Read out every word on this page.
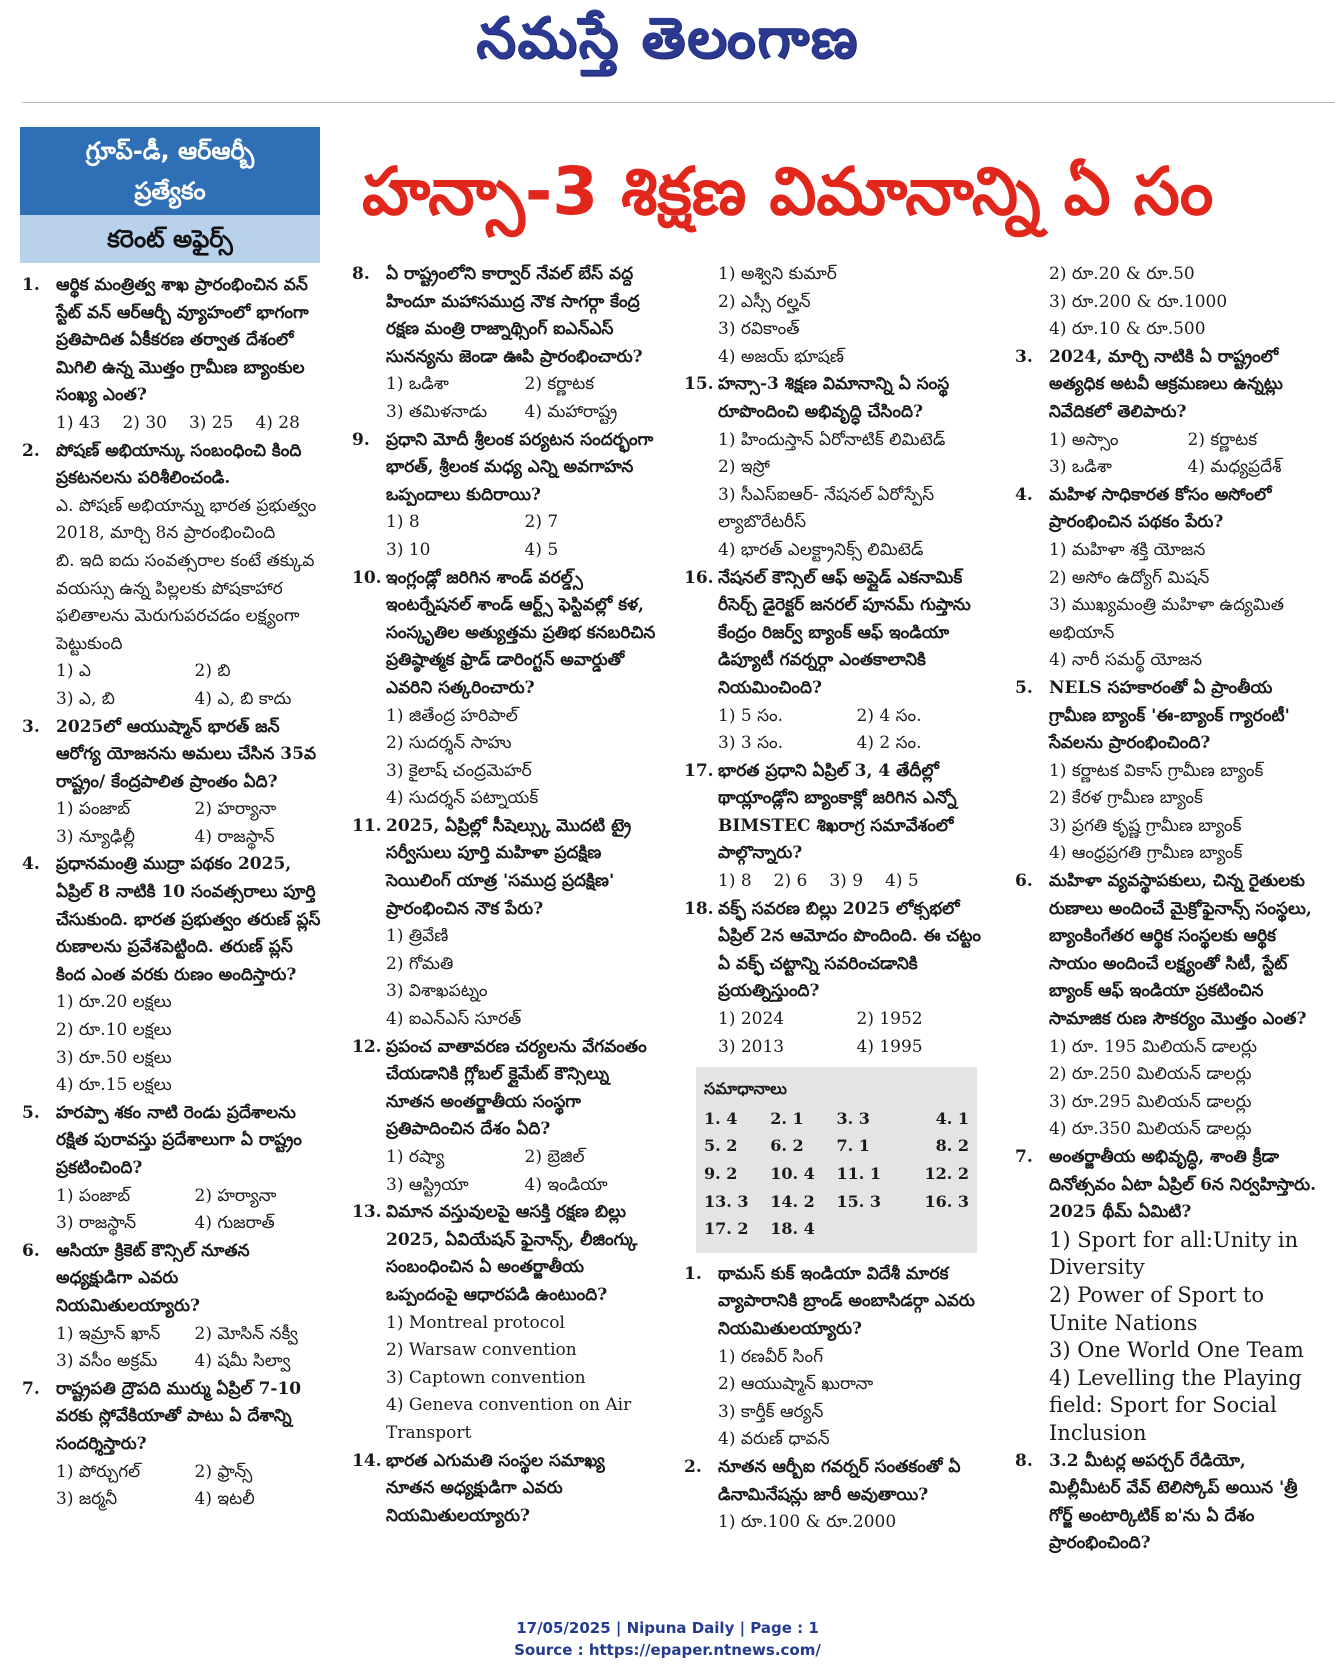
నమస్తే తెలంగాణ
గ్రూప్-డీ, ఆర్ఆర్బీ
ప్రత్యేకం
కరెంట్ అఫైర్స్
హన్సా-3 శిక్షణ విమానాన్ని ఏ సం
1. ఆర్థిక మంత్రిత్వ శాఖ ప్రారంభించిన వన్ స్టేట్ వన్ ఆర్ఆర్బీ వ్యూహంలో భాగంగా ప్రతిపాదిత ఏకీకరణ తర్వాత దేశంలో మిగిలి ఉన్న మొత్తం గ్రామీణ బ్యాంకుల సంఖ్య ఎంత?
1) 43 2) 30 3) 25 4) 28
2. పోషణ్ అభియాన్కు సంబంధించి కింది ప్రకటనలను పరిశీలించండి.
ఎ. పోషణ్ అభియాన్ను భారత ప్రభుత్వం 2018, మార్చి 8న ప్రారంభించింది
బి. ఇది ఐదు సంవత్సరాల కంటే తక్కువ వయస్సు ఉన్న పిల్లలకు పోషకాహార ఫలితాలను మెరుగుపరచడం లక్ష్యంగా పెట్టుకుంది
1) ఎ	2) బి
3) ఎ, బి	4) ఎ, బి కాదు
3. 2025లో ఆయుష్మాన్ భారత్ జన్ ఆరోగ్య యోజనను అమలు చేసిన 35వ రాష్ట్రం/ కేంద్రపాలిత ప్రాంతం ఏది?
1) పంజాబ్	2) హర్యానా
3) న్యూఢిల్లీ	4) రాజస్థాన్
4. ప్రధానమంత్రి ముద్రా పథకం 2025, ఏప్రిల్ 8 నాటికి 10 సంవత్సరాలు పూర్తి చేసుకుంది. భారత ప్రభుత్వం తరుణ్ ప్లస్ రుణాలను ప్రవేశపెట్టింది. తరుణ్ ప్లస్ కింద ఎంత వరకు రుణం అందిస్తారు?
1) రూ.20 లక్షలు
2) రూ.10 లక్షలు
3) రూ.50 లక్షలు
4) రూ.15 లక్షలు
5. హరప్పా శకం నాటి రెండు ప్రదేశాలను రక్షిత పురావస్తు ప్రదేశాలుగా ఏ రాష్ట్రం ప్రకటించింది?
1) పంజాబ్	2) హర్యానా
3) రాజస్థాన్	4) గుజరాత్
6. ఆసియా క్రికెట్ కౌన్సిల్ నూతన అధ్యక్షుడిగా ఎవరు నియమితులయ్యారు?
1) ఇమ్రాన్ ఖాన్	2) మోసిన్ నక్వీ
3) వసీం అక్రమ్	4) షమీ సిల్వా
7. రాష్ట్రపతి ద్రౌపది ముర్ము ఏప్రిల్ 7-10 వరకు స్లోవేకియాతో పాటు ఏ దేశాన్ని సందర్శిస్తారు?
1) పోర్చుగల్	2) ఫ్రాన్స్
3) జర్మనీ	4) ఇటలీ
8. ఏ రాష్ట్రంలోని కార్వార్ నేవల్ బేస్ వద్ద హిందూ మహాసముద్ర నౌక సాగర్గా కేంద్ర రక్షణ మంత్రి రాజ్నాథ్సింగ్ ఐఎన్ఎస్ సునన్యను జెండా ఊపి ప్రారంభించారు?
1) ఒడిశా	2) కర్ణాటక
3) తమిళనాడు	4) మహారాష్ట్ర
9. ప్రధాని మోదీ శ్రీలంక పర్యటన సందర్భంగా భారత్, శ్రీలంక మధ్య ఎన్ని అవగాహన ఒప్పందాలు కుదిరాయి?
1) 8	2) 7
3) 10	4) 5
10. ఇంగ్లండ్లో జరిగిన శాండ్ వరల్డ్స్ ఇంటర్నేషనల్ శాండ్ ఆర్ట్స్ ఫెస్టివల్లో కళ, సంస్కృతిల అత్యుత్తమ ప్రతిభ కనబరిచిన ప్రతిష్ఠాత్మక ఫ్రాడ్ డారింగ్టన్ అవార్డుతో ఎవరిని సత్కరించారు?
1) జితేంద్ర హరిపాల్
2) సుదర్శన్ సాహు
3) కైలాష్ చంద్రమెహర్
4) సుదర్శన్ పట్నాయక్
11. 2025, ఏప్రిల్లో సీషెల్స్కు మొదటి ట్రై సర్వీసులు పూర్తి మహిళా ప్రదక్షిణ సెయిలింగ్ యాత్ర 'సముద్ర ప్రదక్షిణ' ప్రారంభించిన నౌక పేరు?
1) త్రివేణి
2) గోమతి
3) విశాఖపట్నం
4) ఐఎన్ఎస్ సూరత్
12. ప్రపంచ వాతావరణ చర్యలను వేగవంతం చేయడానికి గ్లోబల్ క్లైమేట్ కౌన్సిల్ను నూతన అంతర్జాతీయ సంస్థగా ప్రతిపాదించిన దేశం ఏది?
1) రష్యా	2) బ్రెజిల్
3) ఆస్ట్రియా	4) ఇండియా
13. విమాన వస్తువులపై ఆసక్తి రక్షణ బిల్లు 2025, ఏవియేషన్ ఫైనాన్స్, లీజింగ్కు సంబంధించిన ఏ అంతర్జాతీయ ఒప్పందంపై ఆధారపడి ఉంటుంది?
1) Montreal protocol
2) Warsaw convention
3) Captown convention
4) Geneva convention on Air Transport
14. భారత ఎగుమతి సంస్థల సమాఖ్య నూతన అధ్యక్షుడిగా ఎవరు నియమితులయ్యారు?
1) అశ్విని కుమార్
2) ఎస్సీ రల్హన్
3) రవికాంత్
4) అజయ్ భూషణ్
15. హన్సా-3 శిక్షణ విమానాన్ని ఏ సంస్థ రూపొందించి అభివృద్ధి చేసింది?
1) హిందుస్తాన్ ఏరోనాటిక్ లిమిటెడ్
2) ఇస్రో
3) సీఎస్ఐఆర్- నేషనల్ ఏరోస్పేస్ ల్యాబొరేటరీస్
4) భారత్ ఎలక్ట్రానిక్స్ లిమిటెడ్
16. నేషనల్ కౌన్సిల్ ఆఫ్ అప్లైడ్ ఎకనామిక్ రీసెర్చ్ డైరెక్టర్ జనరల్ పూనమ్ గుప్తాను కేంద్రం రిజర్వ్ బ్యాంక్ ఆఫ్ ఇండియా డిప్యూటీ గవర్నర్గా ఎంతకాలానికి నియమించింది?
1) 5 సం.	2) 4 సం.
3) 3 సం.	4) 2 సం.
17. భారత ప్రధాని ఏప్రిల్ 3, 4 తేదీల్లో థాయ్లాండ్లోని బ్యాంకాక్లో జరిగిన ఎన్నో BIMSTEC శిఖరాగ్ర సమావేశంలో పాల్గొన్నారు?
1) 8 2) 6 3) 9 4) 5
18. వక్ఫ్ సవరణ బిల్లు 2025 లోక్సభలో ఏప్రిల్ 2న ఆమోదం పొందింది. ఈ చట్టం ఏ వక్ఫ్ చట్టాన్ని సవరించడానికి ప్రయత్నిస్తుంది?
1) 2024	2) 1952
3) 2013	4) 1995
సమాధానాలు
1. 4	2. 1	3. 3	4. 1
5. 2	6. 2	7. 1	8. 2
9. 2	10. 4	11. 1	12. 2
13. 3	14. 2	15. 3	16. 3
17. 2	18. 4
1. థామస్ కుక్ ఇండియా విదేశీ మారక వ్యాపారానికి బ్రాండ్ అంబాసిడర్గా ఎవరు నియమితులయ్యారు?
1) రణవీర్ సింగ్
2) ఆయుష్మాన్ ఖురానా
3) కార్తీక్ ఆర్యన్
4) వరుణ్ ధావన్
2. నూతన ఆర్బీఐ గవర్నర్ సంతకంతో ఏ డినామినేషన్లు జారీ అవుతాయి?
1) రూ.100 & రూ.2000
2) రూ.20 & రూ.50
3) రూ.200 & రూ.1000
4) రూ.10 & రూ.500
3. 2024, మార్చి నాటికి ఏ రాష్ట్రంలో అత్యధిక అటవీ ఆక్రమణలు ఉన్నట్లు నివేదికలో తెలిపారు?
1) అస్సాం	2) కర్ణాటక
3) ఒడిశా	4) మధ్యప్రదేశ్
4. మహిళ సాధికారత కోసం అసోంలో ప్రారంభించిన పథకం పేరు?
1) మహిళా శక్తి యోజన
2) అసోం ఉద్యోగ్ మిషన్
3) ముఖ్యమంత్రి మహిళా ఉద్యమిత అభియాన్
4) నారీ సమర్థ్ యోజన
5. NELS సహకారంతో ఏ ప్రాంతీయ గ్రామీణ బ్యాంక్ 'ఈ-బ్యాంక్ గ్యారంటీ' సేవలను ప్రారంభించింది?
1) కర్ణాటక వికాస్ గ్రామీణ బ్యాంక్
2) కేరళ గ్రామీణ బ్యాంక్
3) ప్రగతి కృష్ణ గ్రామీణ బ్యాంక్
4) ఆంధ్రప్రగతి గ్రామీణ బ్యాంక్
6. మహిళా వ్యవస్థాపకులు, చిన్న రైతులకు రుణాలు అందించే మైక్రోఫైనాన్స్ సంస్థలు, బ్యాంకింగేతర ఆర్థిక సంస్థలకు ఆర్థిక సాయం అందించే లక్ష్యంతో సిటీ, స్టేట్ బ్యాంక్ ఆఫ్ ఇండియా ప్రకటించిన సామాజిక రుణ సౌకర్యం మొత్తం ఎంత?
1) రూ. 195 మిలియన్ డాలర్లు
2) రూ.250 మిలియన్ డాలర్లు
3) రూ.295 మిలియన్ డాలర్లు
4) రూ.350 మిలియన్ డాలర్లు
7. అంతర్జాతీయ అభివృద్ధి, శాంతి క్రీడా దినోత్సవం ఏటా ఏప్రిల్ 6న నిర్వహిస్తారు. 2025 థీమ్ ఏమిటి?
1) Sport for all:Unity in Diversity
2) Power of Sport to Unite Nations
3) One World One Team
4) Levelling the Playing field: Sport for Social Inclusion
8. 3.2 మీటర్ల అపర్చర్ రేడియో, మిల్లీమీటర్ వేవ్ టెలిస్కోప్ అయిన 'త్రీ గోర్జ్ అంటార్కిటిక్ ఐ'ను ఏ దేశం ప్రారంభించింది?
17/05/2025 | Nipuna Daily | Page : 1
Source : https://epaper.ntnews.com/
